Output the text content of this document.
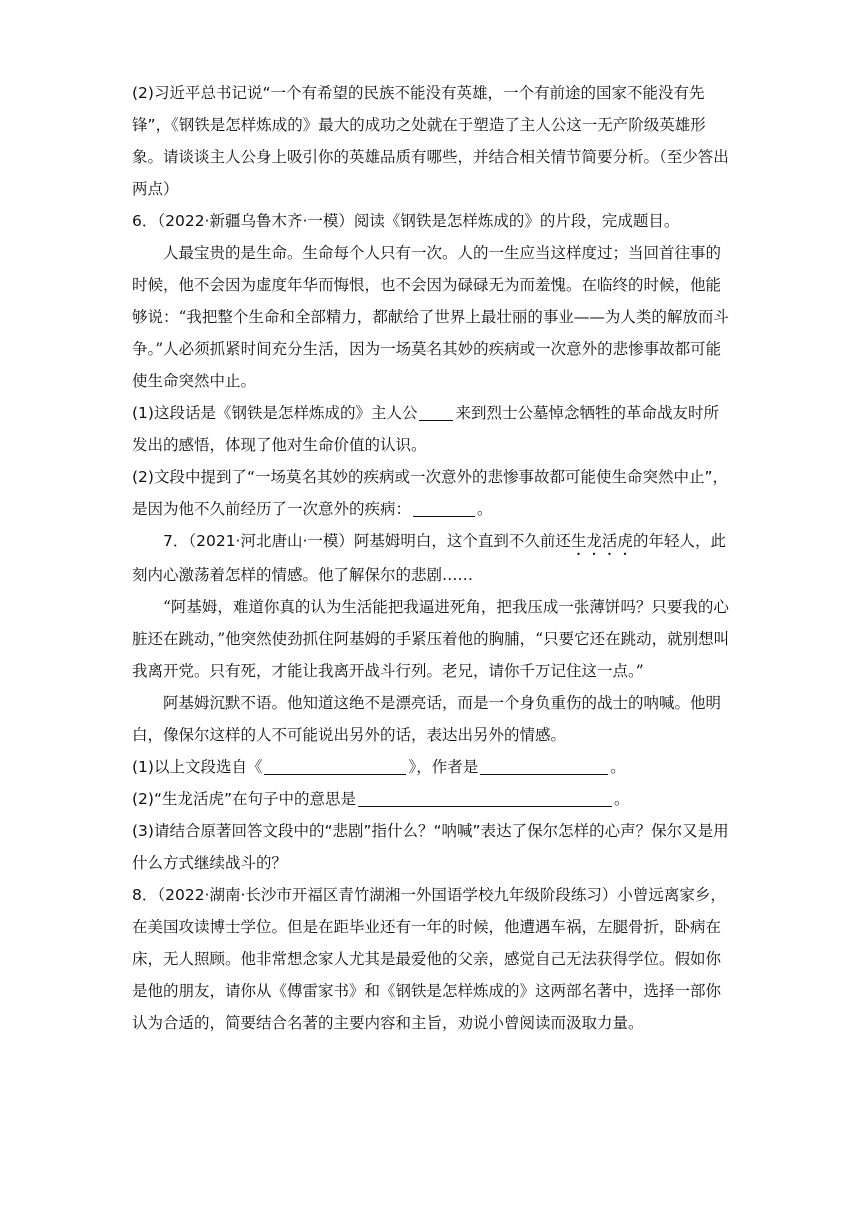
(2)习近平总书记说“一个有希望的民族不能没有英雄，一个有前途的国家不能没有先锋”，《钢铁是怎样炼成的》最大的成功之处就在于塑造了主人公这一无产阶级英雄形象。请谈谈主人公身上吸引你的英雄品质有哪些，并结合相关情节简要分析。（至少答出两点）

6．（2022·新疆乌鲁木齐·一模）阅读《钢铁是怎样炼成的》的片段，完成题目。

人最宝贵的是生命。生命每个人只有一次。人的一生应当这样度过；当回首往事的时候，他不会因为虚度年华而悔恨，也不会因为碌碌无为而羞愧。在临终的时候，他能够说：“我把整个生命和全部精力，都献给了世界上最壮丽的事业——为人类的解放而斗争。”人必须抓紧时间充分生活，因为一场莫名其妙的疾病或一次意外的悲惨事故都可能使生命突然中止。

(1)这段话是《钢铁是怎样炼成的》主人公 来到烈士公墓悼念牺牲的革命战友时所发出的感悟，体现了他对生命价值的认识。

(2)文段中提到了“一场莫名其妙的疾病或一次意外的悲惨事故都可能使生命突然中止”，是因为他不久前经历了一次意外的疾病：	。

7．（2021·河北唐山·一模）阿基姆明白，这个直到不久前还生龙活虎的年轻人，此刻内心激荡着怎样的情感。他了解保尔的悲剧……

“阿基姆，难道你真的认为生活能把我逼进死角，把我压成一张薄饼吗？只要我的心脏还在跳动，”他突然使劲抓住阿基姆的手紧压着他的胸脯，“只要它还在跳动，就别想叫我离开党。只有死，才能让我离开战斗行列。老兄，请你千万记住这一点。”

阿基姆沉默不语。他知道这绝不是漂亮话，而是一个身负重伤的战士的呐喊。他明白，像保尔这样的人不可能说出另外的话，表达出另外的情感。

(1)以上文段选自《	》，作者是	。

(2)“生龙活虎”在句子中的意思是	。

(3)请结合原著回答文段中的“悲剧”指什么？“呐喊”表达了保尔怎样的心声？保尔又是用什么方式继续战斗的？

8．（2022·湖南·长沙市开福区青竹湖湘一外国语学校九年级阶段练习）小曾远离家乡，在美国攻读博士学位。但是在距毕业还有一年的时候，他遭遇车祸，左腿骨折，卧病在床，无人照顾。他非常想念家人尤其是最爱他的父亲，感觉自己无法获得学位。假如你是他的朋友，请你从《傅雷家书》和《钢铁是怎样炼成的》这两部名著中，选择一部你认为合适的，简要结合名著的主要内容和主旨，劝说小曾阅读而汲取力量。
